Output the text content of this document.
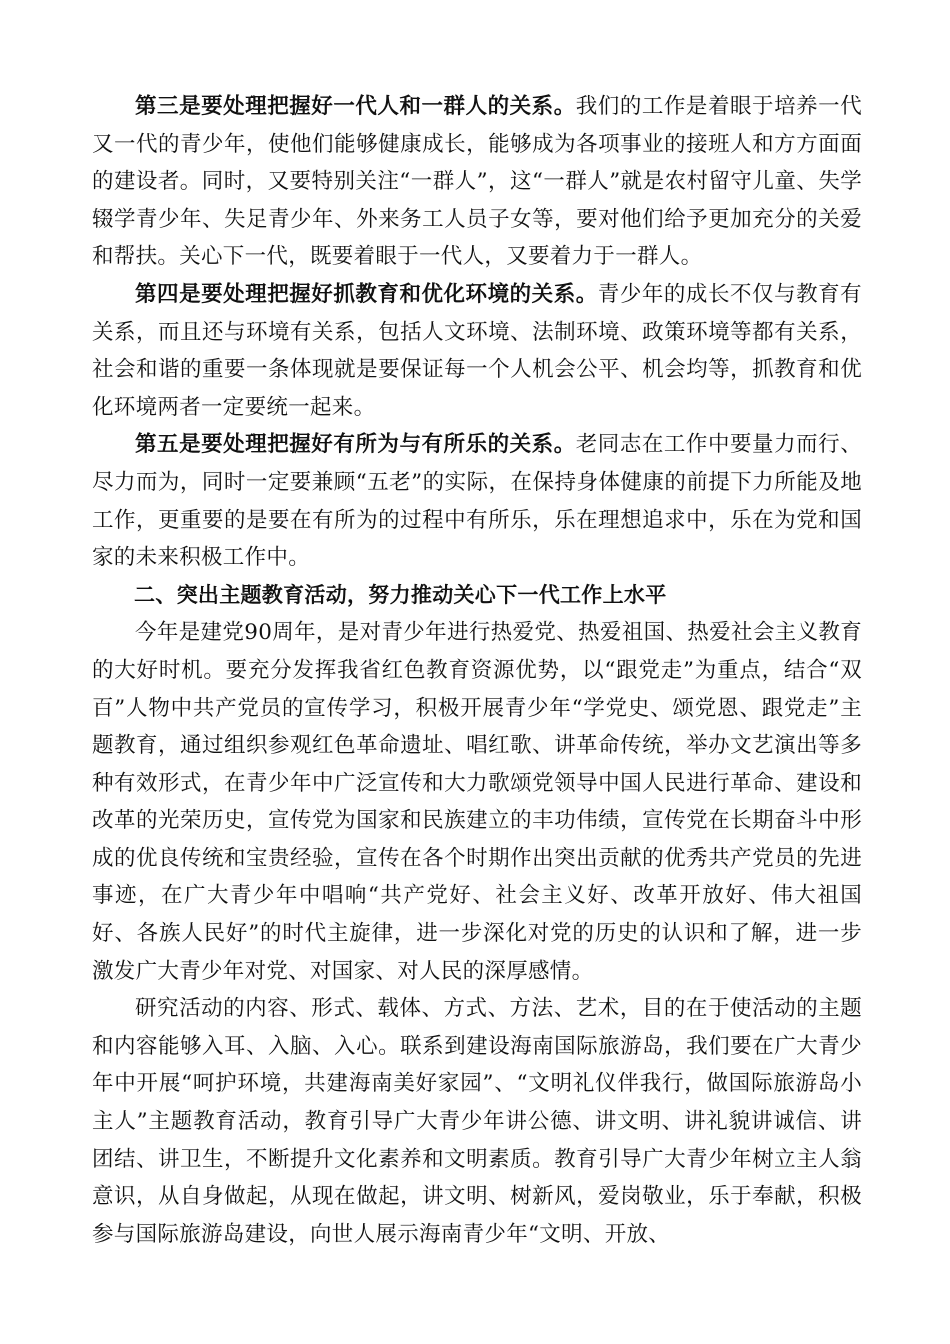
第三是要处理把握好一代人和一群人的关系。我们的工作是着眼于培养一代又一代的青少年，使他们能够健康成长，能够成为各项事业的接班人和方方面面的建设者。同时，又要特别关注“一群人”，这“一群人”就是农村留守儿童、失学辍学青少年、失足青少年、外来务工人员子女等，要对他们给予更加充分的关爱和帮扶。关心下一代，既要着眼于一代人，又要着力于一群人。

第四是要处理把握好抓教育和优化环境的关系。青少年的成长不仅与教育有关系，而且还与环境有关系，包括人文环境、法制环境、政策环境等都有关系，社会和谐的重要一条体现就是要保证每一个人机会公平、机会均等，抓教育和优化环境两者一定要统一起来。

第五是要处理把握好有所为与有所乐的关系。老同志在工作中要量力而行、尽力而为，同时一定要兼顾“五老”的实际，在保持身体健康的前提下力所能及地工作，更重要的是要在有所为的过程中有所乐，乐在理想追求中，乐在为党和国家的未来积极工作中。

二、突出主题教育活动，努力推动关心下一代工作上水平

今年是建党90周年，是对青少年进行热爱党、热爱祖国、热爱社会主义教育的大好时机。要充分发挥我省红色教育资源优势，以“跟党走”为重点，结合“双百”人物中共产党员的宣传学习，积极开展青少年“学党史、颂党恩、跟党走”主题教育，通过组织参观红色革命遗址、唱红歌、讲革命传统，举办文艺演出等多种有效形式，在青少年中广泛宣传和大力歌颂党领导中国人民进行革命、建设和改革的光荣历史，宣传党为国家和民族建立的丰功伟绩，宣传党在长期奋斗中形成的优良传统和宝贵经验，宣传在各个时期作出突出贡献的优秀共产党员的先进事迹，在广大青少年中唱响“共产党好、社会主义好、改革开放好、伟大祖国好、各族人民好”的时代主旋律，进一步深化对党的历史的认识和了解，进一步激发广大青少年对党、对国家、对人民的深厚感情。

研究活动的内容、形式、载体、方式、方法、艺术，目的在于使活动的主题和内容能够入耳、入脑、入心。联系到建设海南国际旅游岛，我们要在广大青少年中开展“呵护环境，共建海南美好家园”、“文明礼仪伴我行，做国际旅游岛小主人”主题教育活动，教育引导广大青少年讲公德、讲文明、讲礼貌讲诚信、讲团结、讲卫生，不断提升文化素养和文明素质。教育引导广大青少年树立主人翁意识，从自身做起，从现在做起，讲文明、树新风，爱岗敬业，乐于奉献，积极参与国际旅游岛建设，向世人展示海南青少年“文明、开放、
